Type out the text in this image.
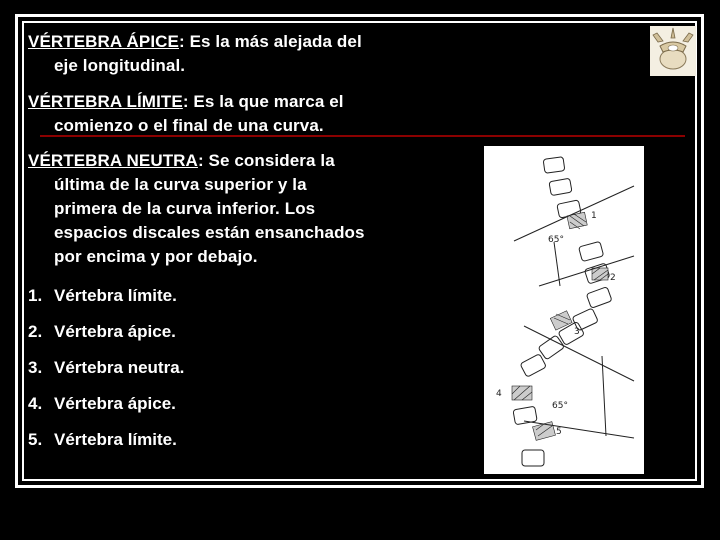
VÉRTEBRA ÁPICE: Es la más alejada del
eje longitudinal.
VÉRTEBRA LÍMITE: Es la que marca el
comienzo o el final de una curva.
VÉRTEBRA NEUTRA: Se considera la
última de la curva superior y la
primera de la curva inferior. Los
espacios discales están ensanchados
por encima y por debajo.
1. Vértebra límite.
2. Vértebra ápice.
3. Vértebra neutra.
4. Vértebra ápice.
5. Vértebra límite.
1
2
3
4
5
65°
65°
